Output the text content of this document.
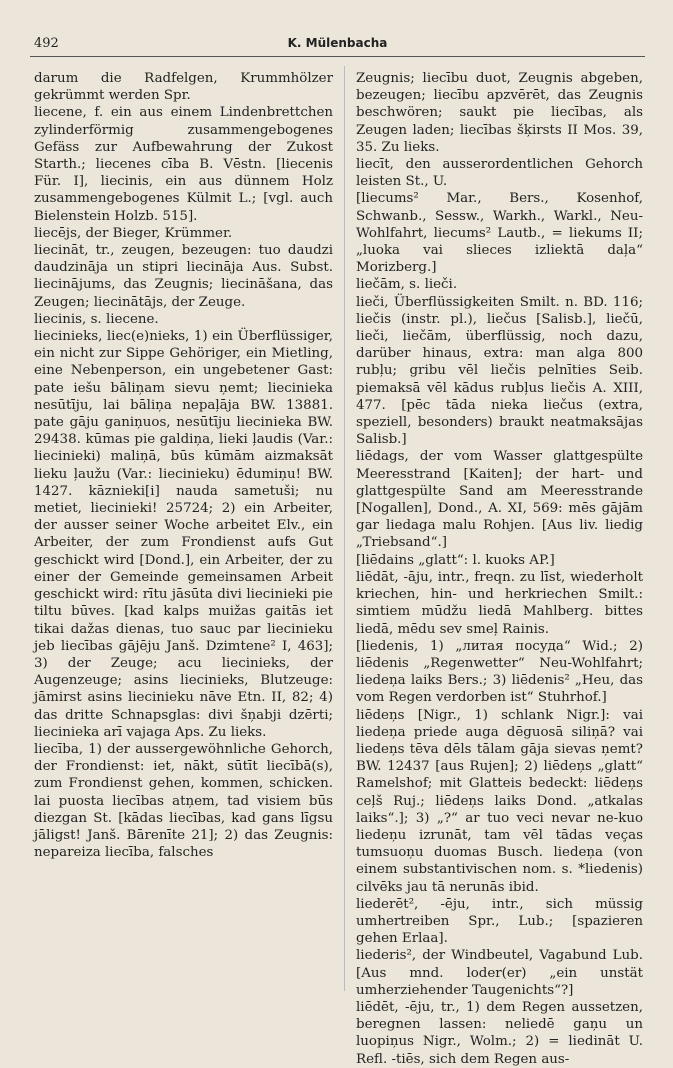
492	K. Mülenbacha

darum die Radfelgen, Krummhölzer gekrümmt werden Spr.

liecene, f. ein aus einem Lindenbrettchen zylinderförmig zusammengebogenes Gefäss zur Aufbewahrung der Zukost Starth.; liecenes cība B. Vēstn. [liecenis Für. I], liecinis, ein aus dünnem Holz zusammengebogenes Külmit L.; [vgl. auch Bielenstein Holzb. 515].

liecējs, der Bieger, Krümmer.

liecināt, tr., zeugen, bezeugen: tuo daudzi daudzināja un stipri liecināja Aus. Subst. liecinājums, das Zeugnis; liecināšana, das Zeugen; liecinātājs, der Zeuge.

liecinis, s. liecene.

liecinieks, liec(e)nieks, 1) ein Überflüssiger, ein nicht zur Sippe Gehöriger, ein Mietling, eine Nebenperson, ein ungebetener Gast: pate iešu bāliņam sievu ņemt; liecinieka nesūtīju, lai bāliņa nepaļāja BW. 13881. pate gāju ganiņuos, nesūtīju liecinieka BW. 29438. kūmas pie galdiņa, lieki ļaudis (Var.: liecinieki) maliņā, būs kūmām aizmaksāt lieku ļaužu (Var.: liecinieku) ēdumiņu! BW. 1427. kāznieki[i] nauda sametuši; nu metiet, liecinieki! 25724; 2) ein Arbeiter, der ausser seiner Woche arbeitet Elv., ein Arbeiter, der zum Frondienst aufs Gut geschickt wird [Dond.], ein Arbeiter, der zu einer der Gemeinde gemeinsamen Arbeit geschickt wird: rītu jāsūta divi liecinieki pie tiltu būves. [kad kalps muižas gaitās iet tikai dažas dienas, tuo sauc par liecinieku jeb liecības gājēju Janš. Dzimtene² I, 463]; 3) der Zeuge; acu liecinieks, der Augenzeuge; asins liecinieks, Blutzeuge: jāmirst asins liecinieku nāve Etn. II, 82; 4) das dritte Schnapsglas: divi šņabji dzērti; liecinieka arī vajaga Aps. Zu lieks.

liecība, 1) der aussergewöhnliche Gehorch, der Frondienst: iet, nākt, sūtīt liecībā(s), zum Frondienst gehen, kommen, schicken. lai puosta liecības atņem, tad visiem būs diezgan St. [kādas liecības, kad gans līgsu jāligst! Janš. Bārenīte 21]; 2) das Zeugnis: nepareiza liecība, falsches

Zeugnis; liecību duot, Zeugnis abgeben, bezeugen; liecību apzvērēt, das Zeugnis beschwören; saukt pie liecības, als Zeugen laden; liecības šķirsts II Mos. 39, 35. Zu lieks.

liecīt, den ausserordentlichen Gehorch leisten St., U.

[liecums² Mar., Bers., Kosenhof, Schwanb., Sessw., Warkh., Warkl., Neu-Wohlfahrt, liecums² Lautb., = liekums II; „luoka vai slieces izliektā daļa“ Morizberg.]

liečām, s. lieči.

lieči, Überflüssigkeiten Smilt. n. BD. 116; liečis (instr. pl.), liečus [Salisb.], liečū, lieči, liečām, überflüssig, noch dazu, darüber hinaus, extra: man alga 800 rubļu; gribu vēl liečis pelnīties Seib. piemaksā vēl kādus rubļus liečis A. XIII, 477. [pēc tāda nieka liečus (extra, speziell, besonders) braukt neatmaksājas Salisb.]

liēdags, der vom Wasser glattgespülte Meeresstrand [Kaiten]; der hart- und glattgespülte Sand am Meeresstrande [Nogallen], Dond., A. XI, 569: mēs gājām gar liedaga malu Rohjen. [Aus liv. liedig „Triebsand“.]

[liēdains „glatt“: l. kuoks AP.]

liēdāt, -āju, intr., freqn. zu līst, wiederholt kriechen, hin- und herkriechen Smilt.: simtiem mūdžu liedā Mahlberg. bittes liedā, mēdu sev smeļ Rainis.

[liedenis, 1) „литая посуда“ Wid.; 2) liēdenis „Regenwetter“ Neu-Wohlfahrt; liedeņa laiks Bers.; 3) liēdenis² „Heu, das vom Regen verdorben ist“ Stuhrhof.]

liēdeņs [Nigr., 1) schlank Nigr.]: vai liedeņa priede auga dēguosā siliņā? vai liedeņs tēva dēls tālam gāja sievas ņemt? BW. 12437 [aus Rujen]; 2) liēdeņs „glatt“ Ramelshof; mit Glatteis bedeckt: liēdeņs ceļš Ruj.; liēdeņs laiks Dond. „atkalas laiks“.]; 3) „?“ ar tuo veci nevar ne-kuo liedeņu izrunāt, tam vēl tādas veças tumsuoņu duomas Busch. liedeņa (von einem substantivischen nom. s. *liedenis) cilvēks jau tā nerunās ibid.

liederēt², -ēju, intr., sich müssig umhertreiben Spr., Lub.; [spazieren gehen Erlaa].

liederis², der Windbeutel, Vagabund Lub. [Aus mnd. loder(er) „ein unstät umherziehender Taugenichts“?]

liēdēt, -ēju, tr., 1) dem Regen aussetzen, beregnen lassen: neliedē gaņu un luopiņus Nigr., Wolm.; 2) = liedināt U. Refl. -tiēs, sich dem Regen aus-
